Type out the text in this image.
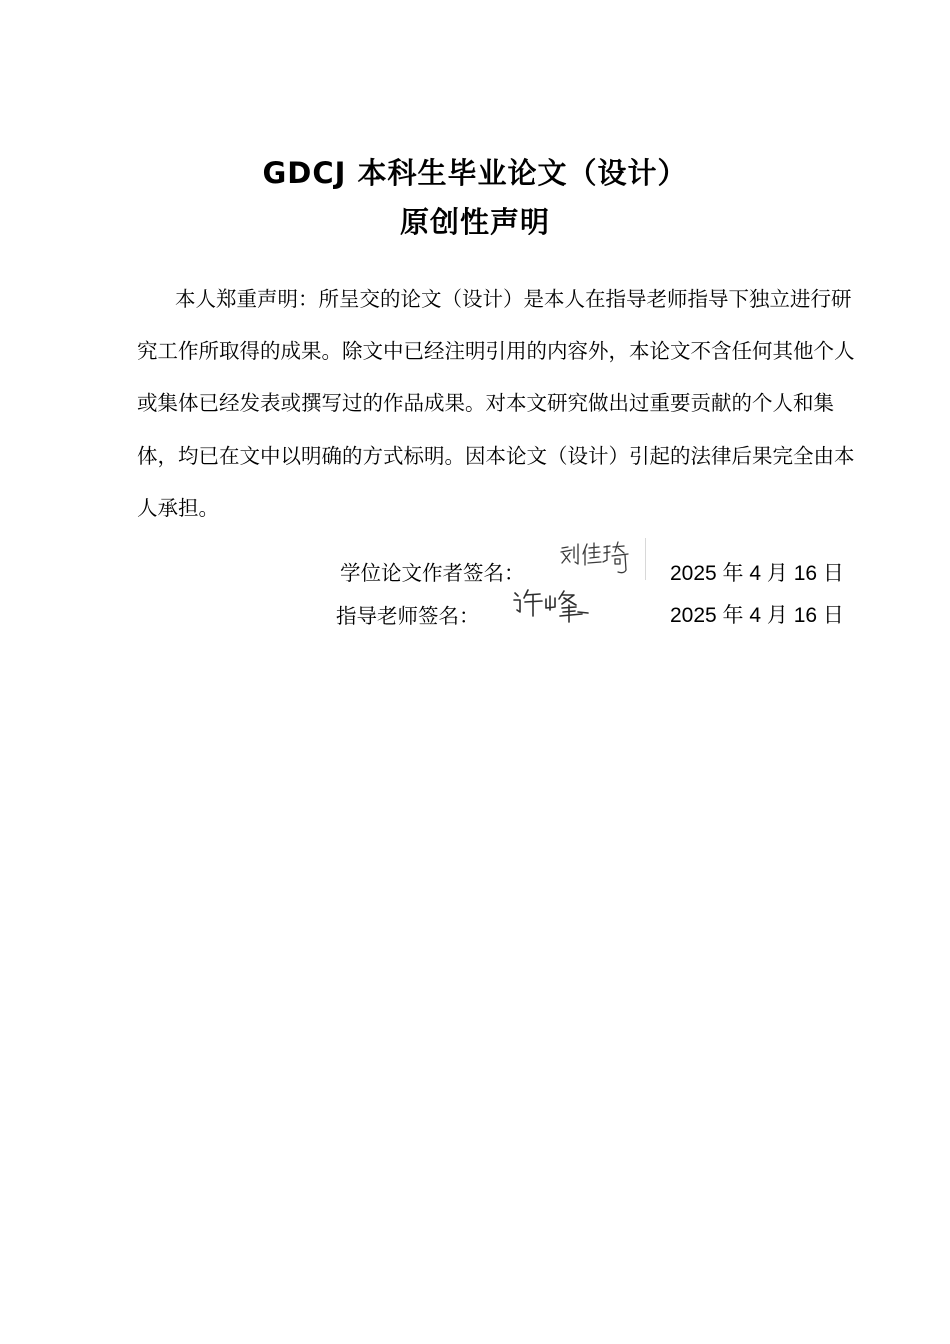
GDCJ 本科生毕业论文（设计）
原创性声明
本人郑重声明：所呈交的论文（设计）是本人在指导老师指导下独立进行研究工作所取得的成果。除文中已经注明引用的内容外，本论文不含任何其他个人或集体已经发表或撰写过的作品成果。对本文研究做出过重要贡献的个人和集体，均已在文中以明确的方式标明。因本论文（设计）引起的法律后果完全由本人承担。
学位论文作者签名：	2025 年 4 月 16 日
指导老师签名：	2025 年 4 月 16 日
